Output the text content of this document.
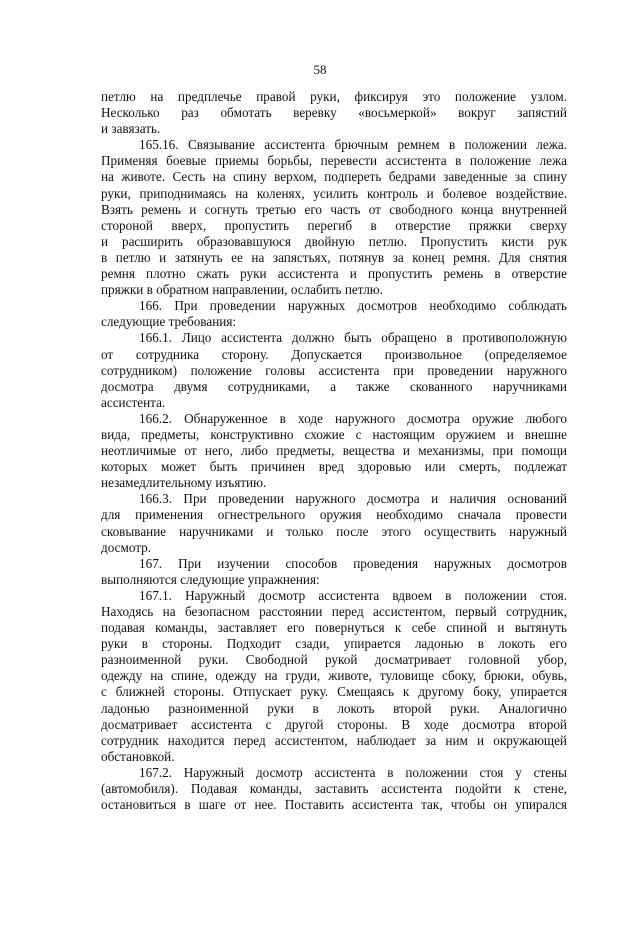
58
петлю на предплечье правой руки, фиксируя это положение узлом.
Несколько раз обмотать веревку «восьмеркой» вокруг запястий
и завязать.
165.16. Связывание ассистента брючным ремнем в положении лежа.
Применяя боевые приемы борьбы, перевести ассистента в положение лежа
на животе. Сесть на спину верхом, подпереть бедрами заведенные за спину
руки, приподнимаясь на коленях, усилить контроль и болевое воздействие.
Взять ремень и согнуть третью его часть от свободного конца внутренней
стороной вверх, пропустить перегиб в отверстие пряжки сверху
и расширить образовавшуюся двойную петлю. Пропустить кисти рук
в петлю и затянуть ее на запястьях, потянув за конец ремня. Для снятия
ремня плотно сжать руки ассистента и пропустить ремень в отверстие
пряжки в обратном направлении, ослабить петлю.
166. При проведении наружных досмотров необходимо соблюдать
следующие требования:
166.1. Лицо ассистента должно быть обращено в противоположную
от сотрудника сторону. Допускается произвольное (определяемое
сотрудником) положение головы ассистента при проведении наружного
досмотра двумя сотрудниками, а также скованного наручниками
ассистента.
166.2. Обнаруженное в ходе наружного досмотра оружие любого
вида, предметы, конструктивно схожие с настоящим оружием и внешне
неотличимые от него, либо предметы, вещества и механизмы, при помощи
которых может быть причинен вред здоровью или смерть, подлежат
незамедлительному изъятию.
166.3. При проведении наружного досмотра и наличия оснований
для применения огнестрельного оружия необходимо сначала провести
сковывание наручниками и только после этого осуществить наружный
досмотр.
167. При изучении способов проведения наружных досмотров
выполняются следующие упражнения:
167.1. Наружный досмотр ассистента вдвоем в положении стоя.
Находясь на безопасном расстоянии перед ассистентом, первый сотрудник,
подавая команды, заставляет его повернуться к себе спиной и вытянуть
руки в стороны. Подходит сзади, упирается ладонью в локоть его
разноименной руки. Свободной рукой досматривает головной убор,
одежду на спине, одежду на груди, животе, туловище сбоку, брюки, обувь,
с ближней стороны. Отпускает руку. Смещаясь к другому боку, упирается
ладонью разноименной руки в локоть второй руки. Аналогично
досматривает ассистента с другой стороны. В ходе досмотра второй
сотрудник находится перед ассистентом, наблюдает за ним и окружающей
обстановкой.
167.2. Наружный досмотр ассистента в положении стоя у стены
(автомобиля). Подавая команды, заставить ассистента подойти к стене,
остановиться в шаге от нее. Поставить ассистента так, чтобы он упирался
